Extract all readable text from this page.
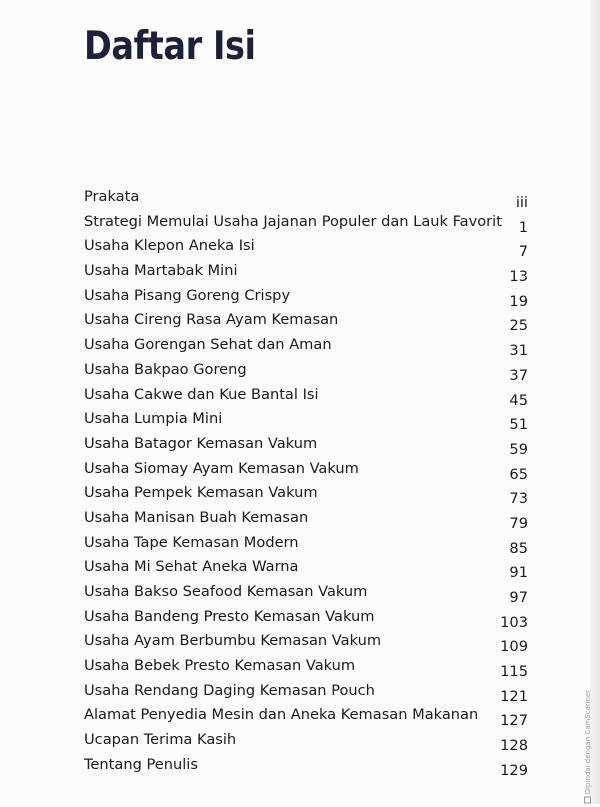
Daftar Isi
Prakata	iii
Strategi Memulai Usaha Jajanan Populer dan Lauk Favorit 1
Usaha Klepon Aneka Isi	7
Usaha Martabak Mini	13
Usaha Pisang Goreng Crispy	19
Usaha Cireng Rasa Ayam Kemasan	25
Usaha Gorengan Sehat dan Aman	31
Usaha Bakpao Goreng	37
Usaha Cakwe dan Kue Bantal Isi	45
Usaha Lumpia Mini	51
Usaha Batagor Kemasan Vakum	59
Usaha Siomay Ayam Kemasan Vakum	65
Usaha Pempek Kemasan Vakum	73
Usaha Manisan Buah Kemasan	79
Usaha Tape Kemasan Modern	85
Usaha Mi Sehat Aneka Warna	91
Usaha Bakso Seafood Kemasan Vakum	97
Usaha Bandeng Presto Kemasan Vakum	103
Usaha Ayam Berbumbu Kemasan Vakum	109
Usaha Bebek Presto Kemasan Vakum	115
Usaha Rendang Daging Kemasan Pouch	121
Alamat Penyedia Mesin dan Aneka Kemasan Makanan 127
Ucapan Terima Kasih	128
Tentang Penulis	129	Dipindai dengan CamScanner
